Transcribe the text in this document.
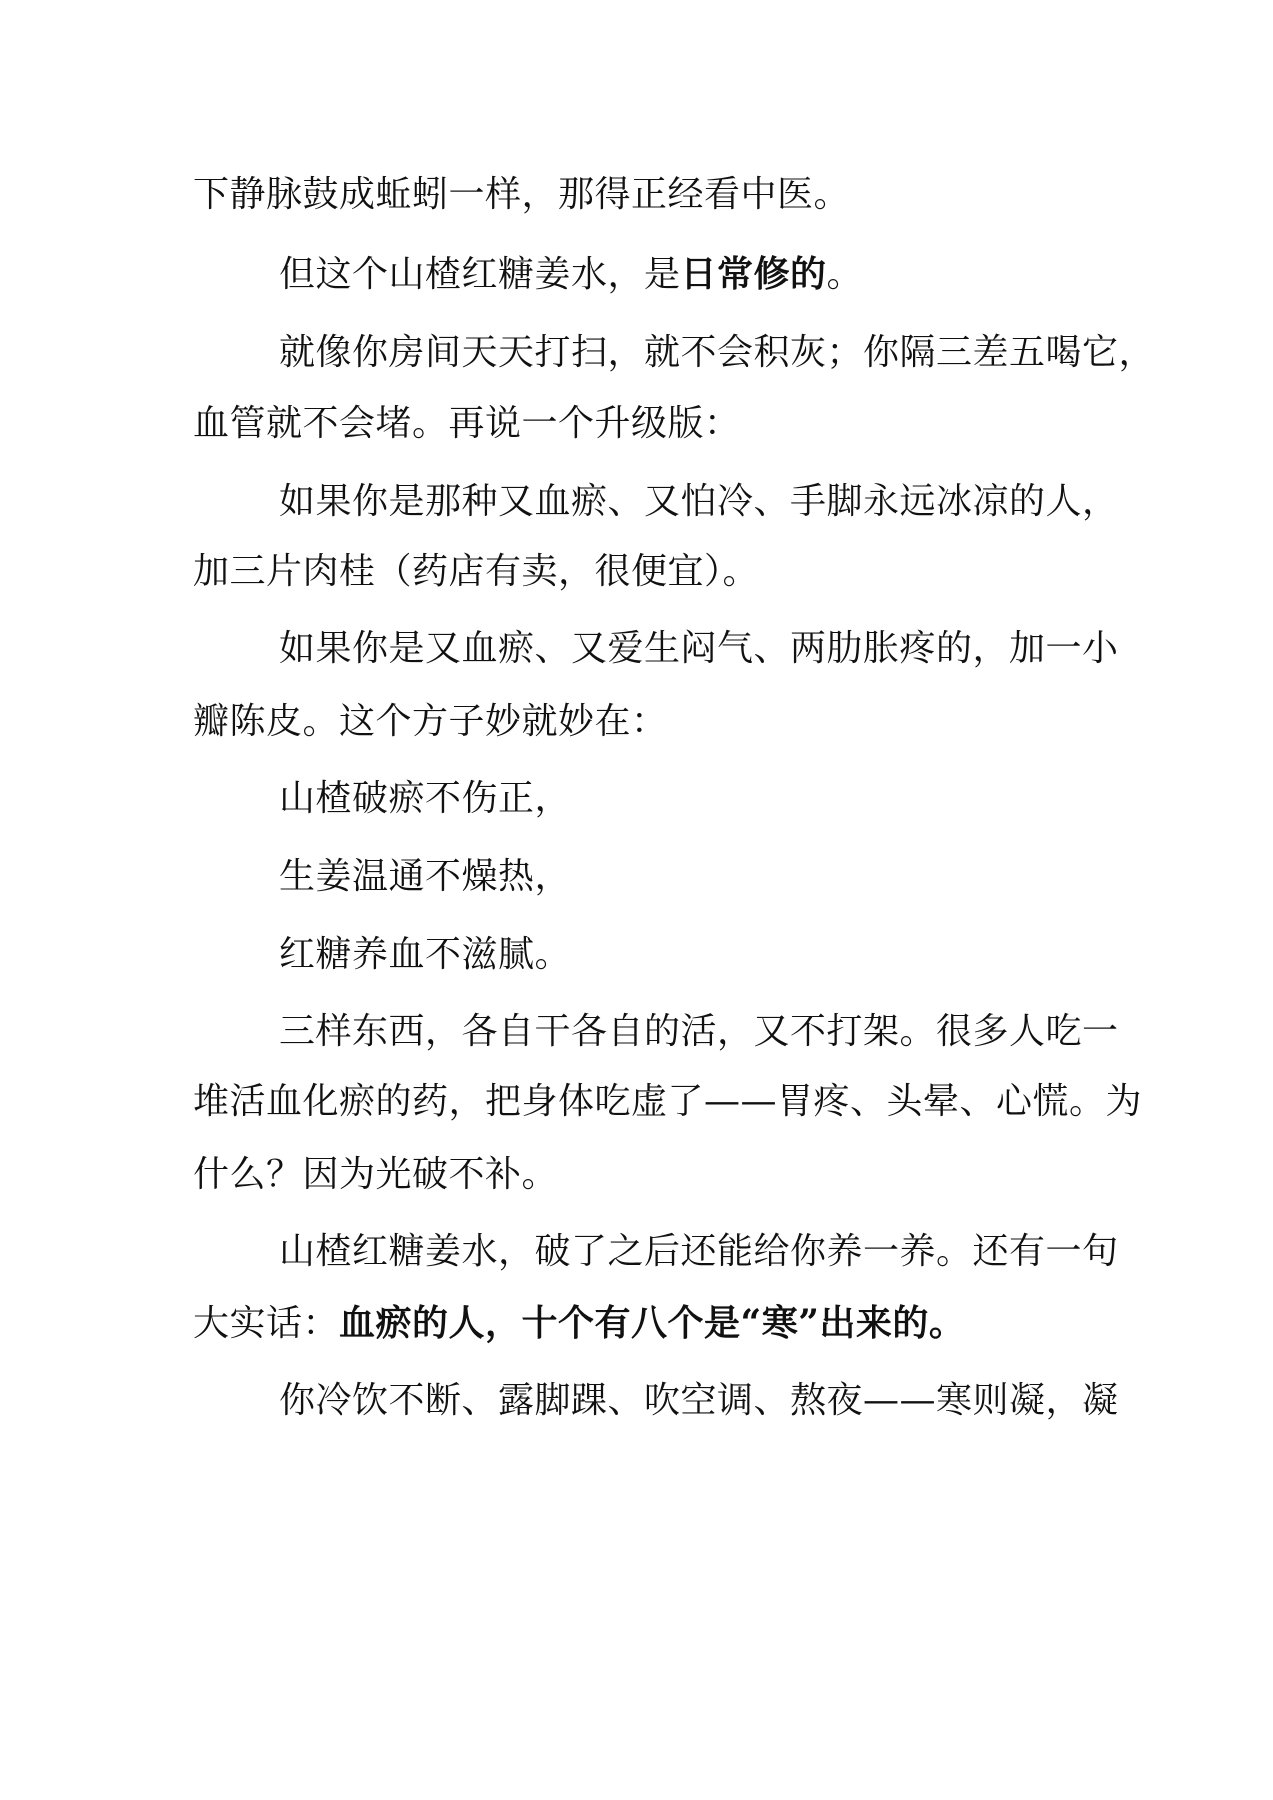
下静脉鼓成蚯蚓一样，那得正经看中医。
但这个山楂红糖姜水，是日常修的。
就像你房间天天打扫，就不会积灰；你隔三差五喝它，
血管就不会堵。再说一个升级版：
如果你是那种又血瘀、又怕冷、手脚永远冰凉的人，
加三片肉桂（药店有卖，很便宜）。
如果你是又血瘀、又爱生闷气、两肋胀疼的，加一小
瓣陈皮。这个方子妙就妙在：
山楂破瘀不伤正，
生姜温通不燥热，
红糖养血不滋腻。
三样东西，各自干各自的活，又不打架。很多人吃一
堆活血化瘀的药，把身体吃虚了——胃疼、头晕、心慌。为
什么？因为光破不补。
山楂红糖姜水，破了之后还能给你养一养。还有一句
大实话：血瘀的人，十个有八个是“寒”出来的。
你冷饮不断、露脚踝、吹空调、熬夜——寒则凝，凝
